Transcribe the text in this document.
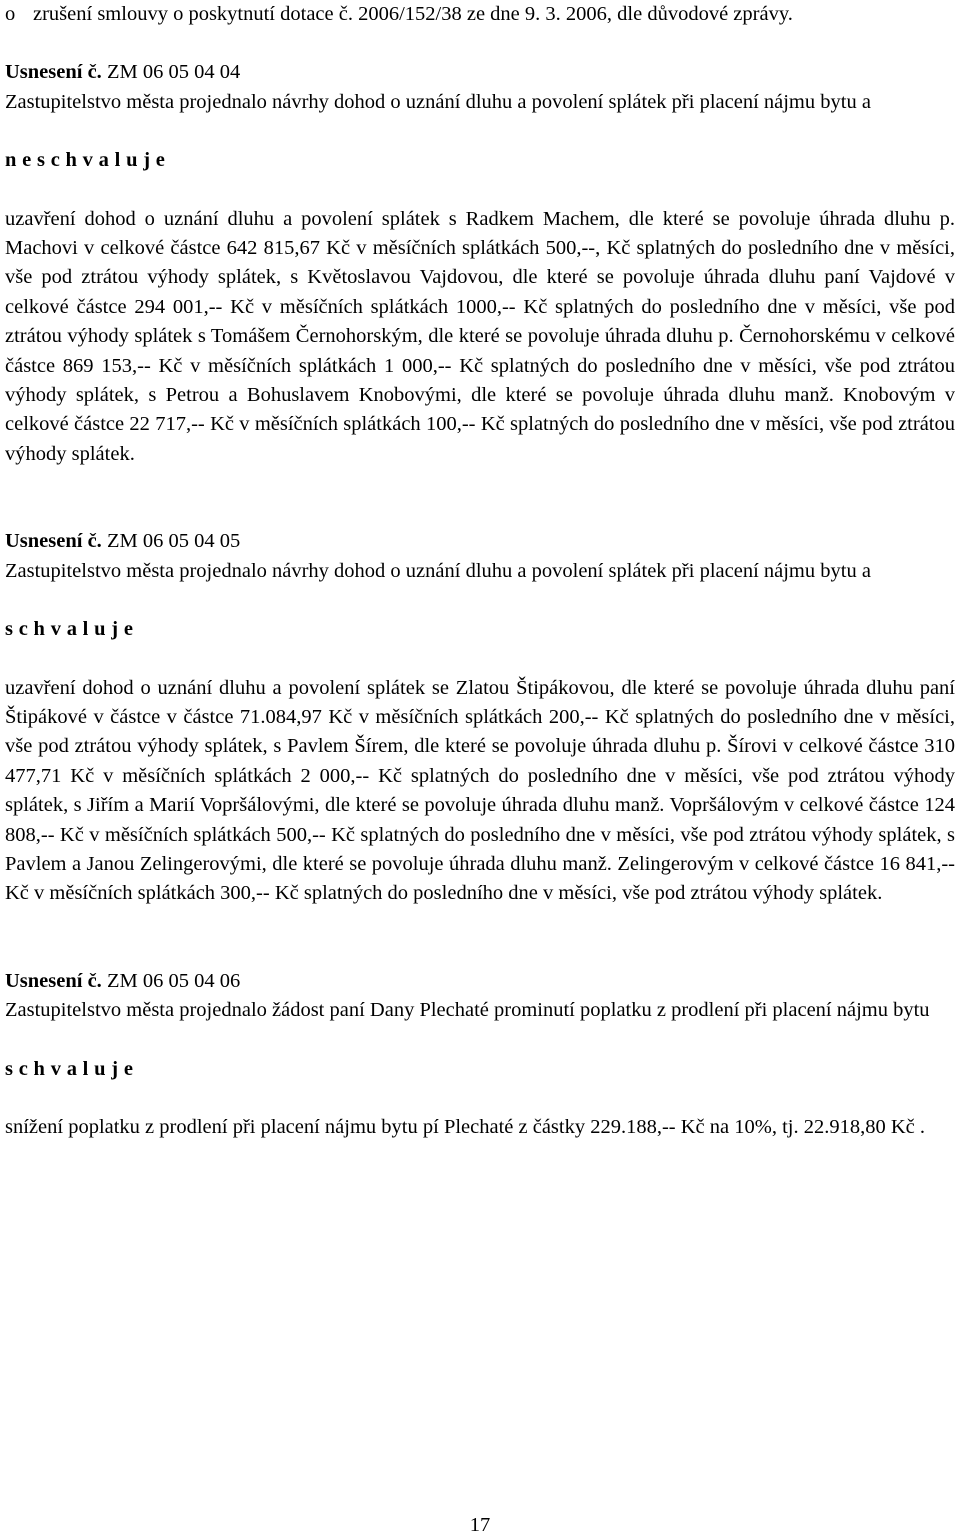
o zrušení smlouvy o poskytnutí dotace č. 2006/152/38 ze dne 9. 3. 2006, dle důvodové zprávy.

Usnesení č. ZM 06 05 04 04

Zastupitelstvo města projednalo návrhy dohod o uznání dluhu a povolení splátek při placení nájmu bytu a

neschvaluje

uzavření dohod o uznání dluhu a povolení splátek s Radkem Machem, dle které se povoluje úhrada dluhu p. Machovi v celkové částce 642 815,67 Kč v měsíčních splátkách 500,--, Kč splatných do posledního dne v měsíci, vše pod ztrátou výhody splátek, s Květoslavou Vajdovou, dle které se povoluje úhrada dluhu paní Vajdové v celkové částce 294 001,-- Kč v měsíčních splátkách 1000,-- Kč splatných do posledního dne v měsíci, vše pod ztrátou výhody splátek s Tomášem Černohorským, dle které se povoluje úhrada dluhu p. Černohorskému v celkové částce 869 153,-- Kč v měsíčních splátkách 1 000,-- Kč splatných do posledního dne v měsíci, vše pod ztrátou výhody splátek, s Petrou a Bohuslavem Knobovými, dle které se povoluje úhrada dluhu manž. Knobovým v celkové částce 22 717,-- Kč v měsíčních splátkách 100,-- Kč splatných do posledního dne v měsíci, vše pod ztrátou výhody splátek.

Usnesení č. ZM 06 05 04 05

Zastupitelstvo města projednalo návrhy dohod o uznání dluhu a povolení splátek při placení nájmu bytu a

schvaluje

uzavření dohod o uznání dluhu a povolení splátek se Zlatou Štipákovou, dle které se povoluje úhrada dluhu paní Štipákové v částce v částce 71.084,97 Kč v měsíčních splátkách 200,-- Kč splatných do posledního dne v měsíci, vše pod ztrátou výhody splátek, s Pavlem Šírem, dle které se povoluje úhrada dluhu p. Šírovi v celkové částce 310 477,71 Kč v měsíčních splátkách 2 000,-- Kč splatných do posledního dne v měsíci, vše pod ztrátou výhody splátek, s Jiřím a Marií Vopršálovými, dle které se povoluje úhrada dluhu manž. Vopršálovým v celkové částce 124 808,-- Kč v měsíčních splátkách 500,-- Kč splatných do posledního dne v měsíci, vše pod ztrátou výhody splátek, s Pavlem a Janou Zelingerovými, dle které se povoluje úhrada dluhu manž. Zelingerovým v celkové částce 16 841,-- Kč v měsíčních splátkách 300,-- Kč splatných do posledního dne v měsíci, vše pod ztrátou výhody splátek.

Usnesení č. ZM 06 05 04 06

Zastupitelstvo města projednalo žádost paní Dany Plechaté prominutí poplatku z prodlení při placení nájmu bytu

schvaluje

snížení poplatku z prodlení při placení nájmu bytu pí Plechaté z částky 229.188,-- Kč na 10%, tj. 22.918,80 Kč .

17
